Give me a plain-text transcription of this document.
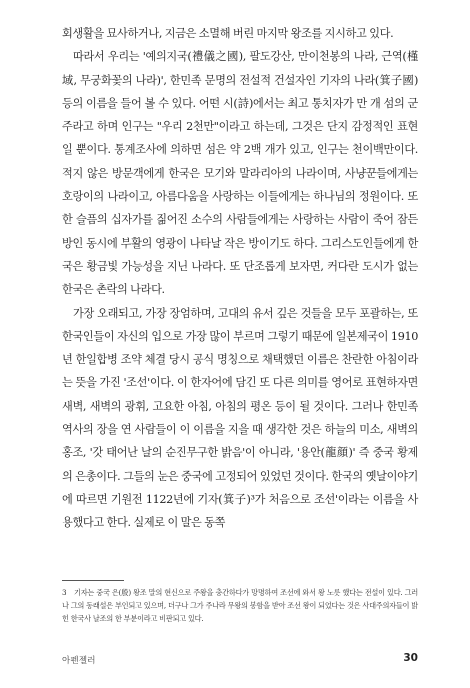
회생활을 묘사하거나, 지금은 소멸해 버린 마지막 왕조를 지시하고 있다.

따라서 우리는 '예의지국(禮儀之國), 팔도강산, 만이천봉의 나라, 근역(槿域, 무궁화꽃의 나라)', 한민족 문명의 전설적 건설자인 기자의 나라(箕子國) 등의 이름을 들어 볼 수 있다. 어떤 시(詩)에서는 최고 통치자가 만 개 섬의 군주라고 하며 인구는 "우리 2천만"이라고 하는데, 그것은 단지 감정적인 표현일 뿐이다. 통계조사에 의하면 섬은 약 2백 개가 있고, 인구는 천이백만이다. 적지 않은 방문객에게 한국은 모기와 말라리아의 나라이며, 사냥꾼들에게는 호랑이의 나라이고, 아름다움을 사랑하는 이들에게는 하나님의 정원이다. 또한 슬픔의 십자가를 짊어진 소수의 사람들에게는 사랑하는 사람이 죽어 잠든 방인 동시에 부활의 영광이 나타날 작은 방이기도 하다. 그리스도인들에게 한국은 황금빛 가능성을 지닌 나라다. 또 단조롭게 보자면, 커다란 도시가 없는 한국은 촌락의 나라다.

가장 오래되고, 가장 장엄하며, 고대의 유서 깊은 것들을 모두 포괄하는, 또 한국인들이 자신의 입으로 가장 많이 부르며 그렇기 때문에 일본제국이 1910년 한일합병 조약 체결 당시 공식 명칭으로 채택했던 이름은 찬란한 아침이라는 뜻을 가진 '조선'이다. 이 한자어에 담긴 또 다른 의미를 영어로 표현하자면 새벽, 새벽의 광휘, 고요한 아침, 아침의 평온 등이 될 것이다. 그러나 한민족 역사의 장을 연 사람들이 이 이름을 지을 때 생각한 것은 하늘의 미소, 새벽의 홍조, '갓 태어난 날의 순진무구한 밝음'이 아니라, '용안(龍顔)' 즉 중국 황제의 은총이다. 그들의 눈은 중국에 고정되어 있었던 것이다. 한국의 옛날이야기에 따르면 기원전 1122년에 기자(箕子)³가 처음으로 조선'이라는 이름을 사용했다고 한다. 실제로 이 말은 동쪽

3 기자는 중국 은(殷) 왕조 말의 현신으로 주왕을 충간하다가 망명하여 조선에 와서 왕 노릇 했다는 전설이 있다. 그러나 그의 동래설은 부인되고 있으며, 더구나 그가 주나라 무왕의 봉함을 받아 조선 왕이 되었다는 것은 사대주의자들이 밝힌 한국사 날조의 한 부분이라고 비판되고 있다.
아펜젤러	30
